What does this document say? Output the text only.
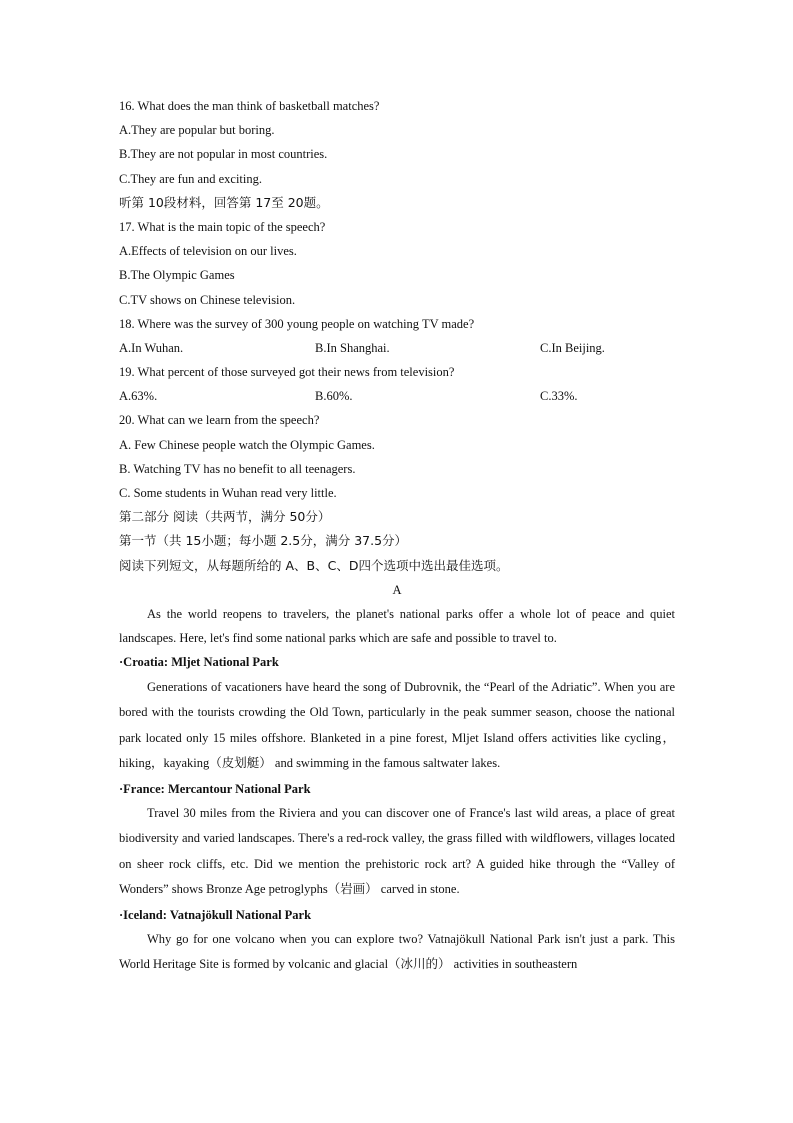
16. What does the man think of basketball matches?
A.They are popular but boring.
B.They are not popular in most countries.
C.They are fun and exciting.
听第 10段材料，回答第 17至 20题。
17. What is the main topic of the speech?
A.Effects of television on our lives.
B.The Olympic Games
C.TV shows on Chinese television.
18. Where was the survey of 300 young people on watching TV made?
A.In Wuhan.	B.In Shanghai.	C.In Beijing.
19. What percent of those surveyed got their news from television?
A.63%.	B.60%.	C.33%.
20. What can we learn from the speech?
A. Few Chinese people watch the Olympic Games.
B. Watching TV has no benefit to all teenagers.
C. Some students in Wuhan read very little.
第二部分 阅读（共两节，满分 50分）
第一节（共 15小题；每小题 2.5分，满分 37.5分）
阅读下列短文，从每题所给的 A、B、C、D四个选项中选出最佳选项。
A

As the world reopens to travelers, the planet's national parks offer a whole lot of peace and quiet landscapes. Here, let's find some national parks which are safe and possible to travel to.

·Croatia: Mljet National Park

Generations of vacationers have heard the song of Dubrovnik, the “Pearl of the Adriatic”. When you are bored with the tourists crowding the Old Town, particularly in the peak summer season, choose the national park located only 15 miles offshore. Blanketed in a pine forest, Mljet Island offers activities like cycling， hiking，kayaking（皮划艇） and swimming in the famous saltwater lakes.

·France: Mercantour National Park

Travel 30 miles from the Riviera and you can discover one of France's last wild areas, a place of great biodiversity and varied landscapes. There's a red-rock valley, the grass filled with wildflowers, villages located on sheer rock cliffs, etc. Did we mention the prehistoric rock art? A guided hike through the “Valley of Wonders” shows Bronze Age petroglyphs（岩画） carved in stone.

·Iceland: Vatnajökull National Park

Why go for one volcano when you can explore two? Vatnajökull National Park isn't just a park. This World Heritage Site is formed by volcanic and glacial（冰川的） activities in southeastern
